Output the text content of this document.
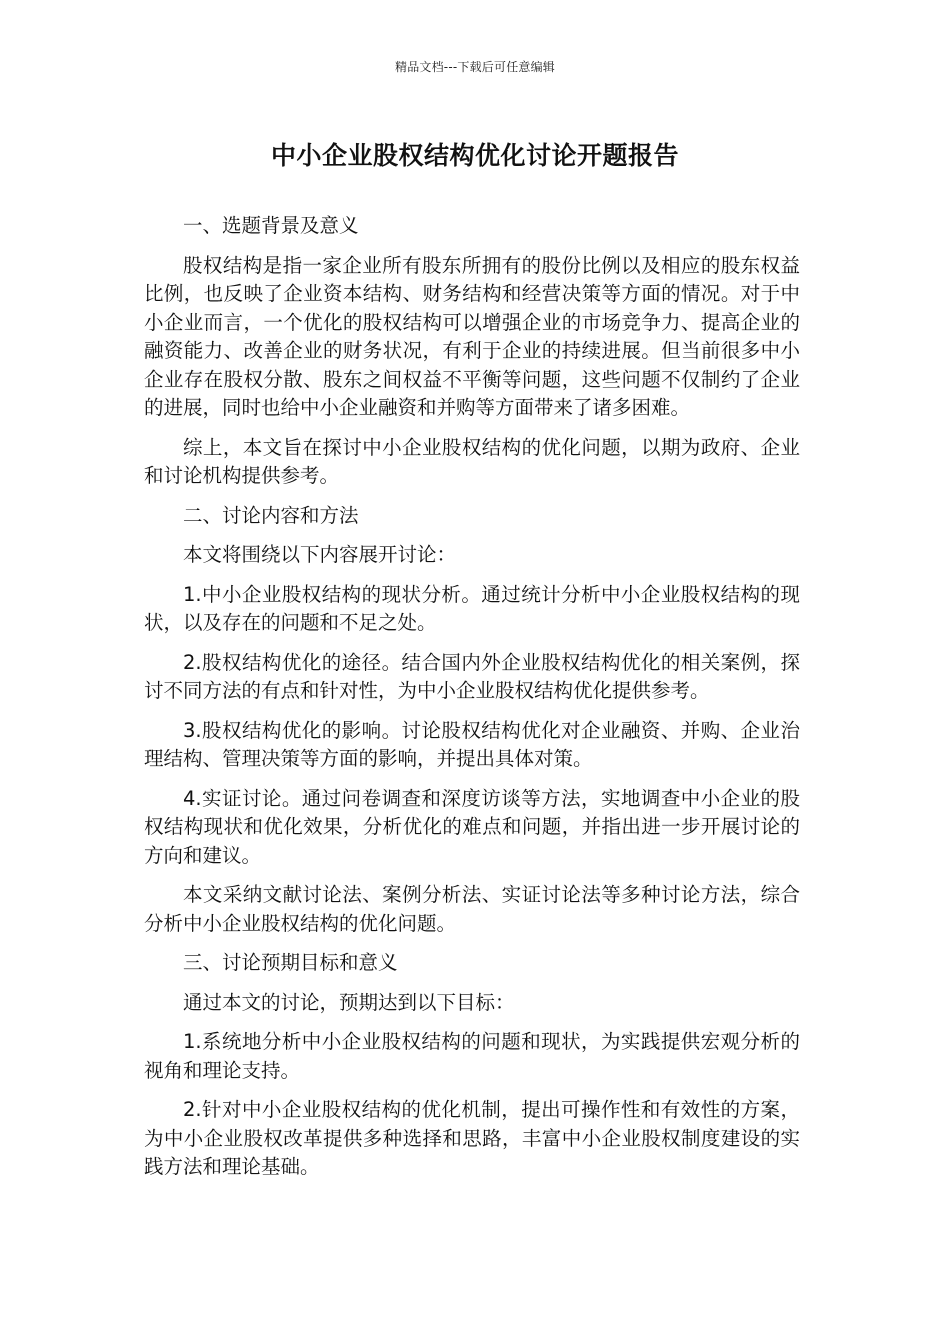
精品文档---下载后可任意编辑
中小企业股权结构优化讨论开题报告

一、选题背景及意义

股权结构是指一家企业所有股东所拥有的股份比例以及相应的股东权益比例，也反映了企业资本结构、财务结构和经营决策等方面的情况。对于中小企业而言，一个优化的股权结构可以增强企业的市场竞争力、提高企业的融资能力、改善企业的财务状况，有利于企业的持续进展。但当前很多中小企业存在股权分散、股东之间权益不平衡等问题，这些问题不仅制约了企业的进展，同时也给中小企业融资和并购等方面带来了诸多困难。

综上，本文旨在探讨中小企业股权结构的优化问题，以期为政府、企业和讨论机构提供参考。

二、讨论内容和方法

本文将围绕以下内容展开讨论：

1.中小企业股权结构的现状分析。通过统计分析中小企业股权结构的现状，以及存在的问题和不足之处。

2.股权结构优化的途径。结合国内外企业股权结构优化的相关案例，探讨不同方法的有点和针对性，为中小企业股权结构优化提供参考。

3.股权结构优化的影响。讨论股权结构优化对企业融资、并购、企业治理结构、管理决策等方面的影响，并提出具体对策。

4.实证讨论。通过问卷调查和深度访谈等方法，实地调查中小企业的股权结构现状和优化效果，分析优化的难点和问题，并指出进一步开展讨论的方向和建议。

本文采纳文献讨论法、案例分析法、实证讨论法等多种讨论方法，综合分析中小企业股权结构的优化问题。

三、讨论预期目标和意义

通过本文的讨论，预期达到以下目标：

1.系统地分析中小企业股权结构的问题和现状，为实践提供宏观分析的视角和理论支持。

2.针对中小企业股权结构的优化机制，提出可操作性和有效性的方案，为中小企业股权改革提供多种选择和思路，丰富中小企业股权制度建设的实践方法和理论基础。
